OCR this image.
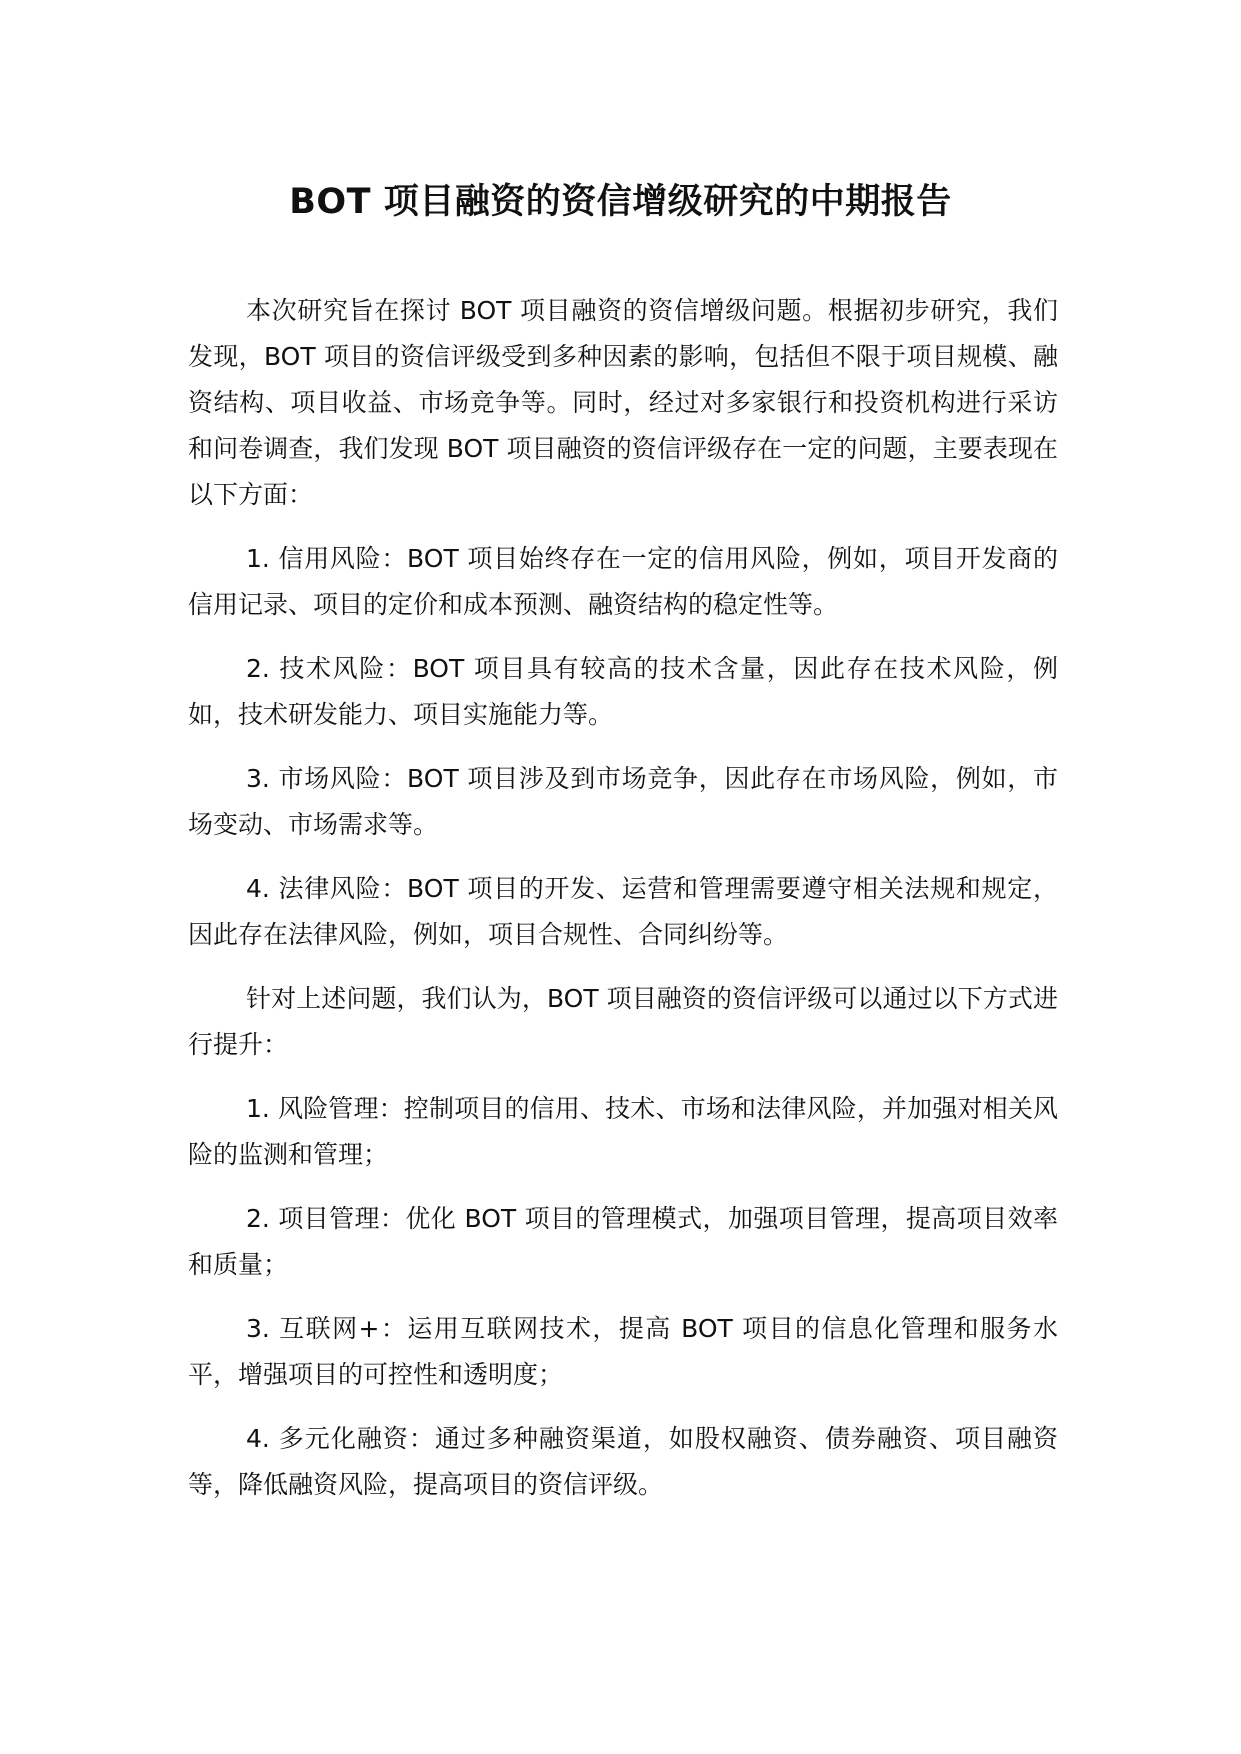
BOT 项目融资的资信增级研究的中期报告

本次研究旨在探讨 BOT 项目融资的资信增级问题。根据初步研究，我们发现，BOT 项目的资信评级受到多种因素的影响，包括但不限于项目规模、融资结构、项目收益、市场竞争等。同时，经过对多家银行和投资机构进行采访和问卷调查，我们发现 BOT 项目融资的资信评级存在一定的问题，主要表现在以下方面：

1. 信用风险：BOT 项目始终存在一定的信用风险，例如，项目开发商的信用记录、项目的定价和成本预测、融资结构的稳定性等。

2. 技术风险：BOT 项目具有较高的技术含量，因此存在技术风险，例如，技术研发能力、项目实施能力等。

3. 市场风险：BOT 项目涉及到市场竞争，因此存在市场风险，例如，市场变动、市场需求等。

4. 法律风险：BOT 项目的开发、运营和管理需要遵守相关法规和规定，因此存在法律风险，例如，项目合规性、合同纠纷等。

针对上述问题，我们认为，BOT 项目融资的资信评级可以通过以下方式进行提升：

1. 风险管理：控制项目的信用、技术、市场和法律风险，并加强对相关风险的监测和管理；

2. 项目管理：优化 BOT 项目的管理模式，加强项目管理，提高项目效率和质量；

3. 互联网+：运用互联网技术，提高 BOT 项目的信息化管理和服务水平，增强项目的可控性和透明度；

4. 多元化融资：通过多种融资渠道，如股权融资、债券融资、项目融资等，降低融资风险，提高项目的资信评级。
